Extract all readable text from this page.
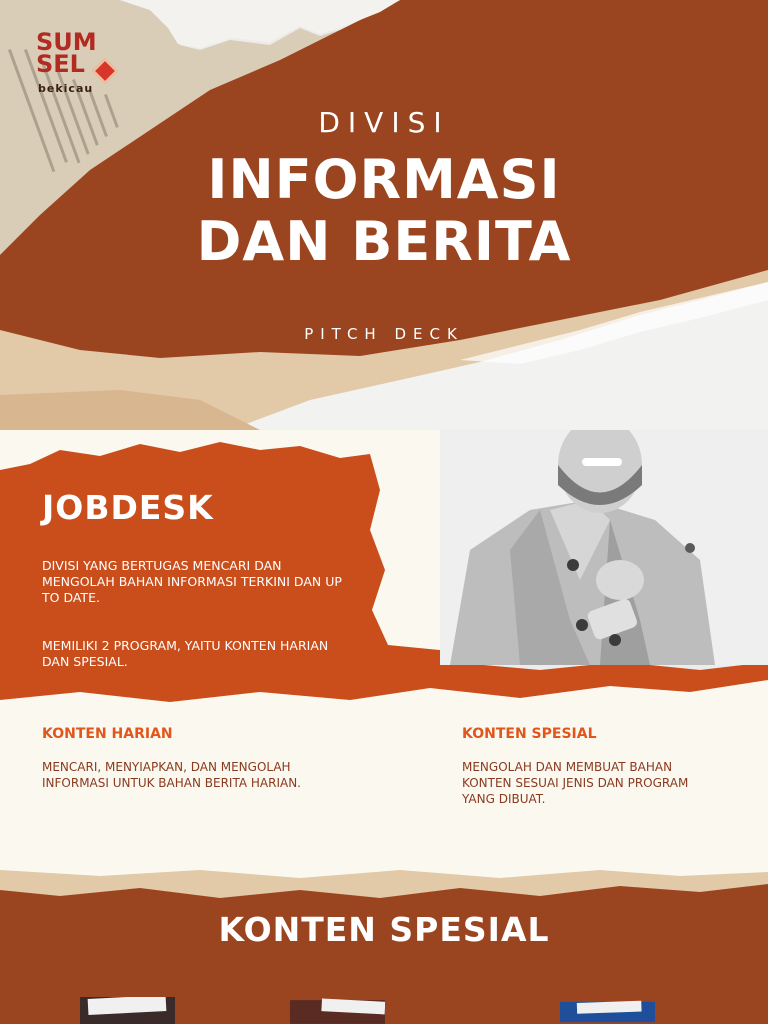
SUM
SEL
bekicau
DIVISI
INFORMASI
DAN BERITA
PITCH DECK
JOBDESK
DIVISI YANG BERTUGAS MENCARI DAN MENGOLAH BAHAN INFORMASI TERKINI DAN UP TO DATE.
MEMILIKI 2 PROGRAM, YAITU KONTEN HARIAN DAN SPESIAL.
KONTEN HARIAN
MENCARI, MENYIAPKAN, DAN MENGOLAH INFORMASI UNTUK BAHAN BERITA HARIAN.
KONTEN SPESIAL
MENGOLAH DAN MEMBUAT BAHAN KONTEN SESUAI JENIS DAN PROGRAM YANG DIBUAT.
KONTEN SPESIAL
